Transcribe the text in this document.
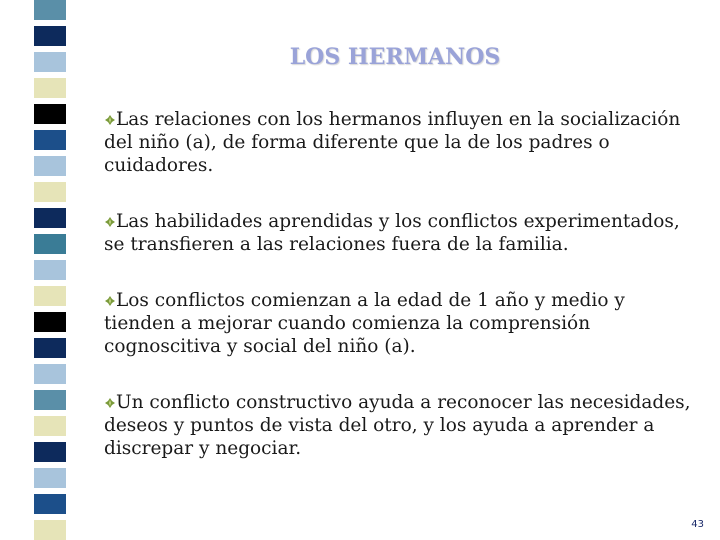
LOS HERMANOS
Las relaciones con los hermanos influyen en la socialización del niño (a), de forma diferente que la de los padres o cuidadores.
Las habilidades aprendidas y los conflictos experimentados, se transfieren a las relaciones fuera de la familia.
Los conflictos comienzan a la edad de 1 año y medio y tienden a mejorar cuando comienza la comprensión cognoscitiva y social del niño (a).
Un conflicto constructivo ayuda a reconocer las necesidades, deseos y puntos de vista del otro, y los ayuda a aprender a discrepar y negociar.
43
